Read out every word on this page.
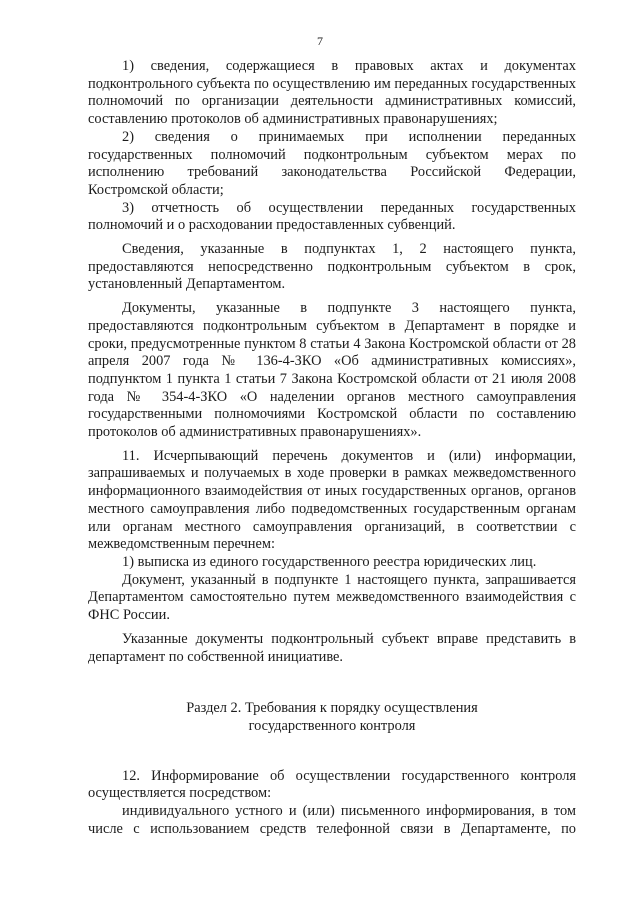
7

1) сведения, содержащиеся в правовых актах и документах подконтрольного субъекта по осуществлению им переданных государственных полномочий по организации деятельности административных комиссий, составлению протоколов об административных правонарушениях;

2) сведения о принимаемых при исполнении переданных государственных полномочий подконтрольным субъектом мерах по исполнению требований законодательства Российской Федерации, Костромской области;

3) отчетность об осуществлении переданных государственных полномочий и о расходовании предоставленных субвенций.

Сведения, указанные в подпунктах 1, 2 настоящего пункта, предоставляются непосредственно подконтрольным субъектом в срок, установленный Департаментом.

Документы, указанные в подпункте 3 настоящего пункта, предоставляются подконтрольным субъектом в Департамент в порядке и сроки, предусмотренные пунктом 8 статьи 4 Закона Костромской области от 28 апреля 2007 года № 136-4-ЗКО «Об административных комиссиях», подпунктом 1 пункта 1 статьи 7 Закона Костромской области от 21 июля 2008 года № 354-4-ЗКО «О наделении органов местного самоуправления государственными полномочиями Костромской области по составлению протоколов об административных правонарушениях».

11. Исчерпывающий перечень документов и (или) информации, запрашиваемых и получаемых в ходе проверки в рамках межведомственного информационного взаимодействия от иных государственных органов, органов местного самоуправления либо подведомственных государственным органам или органам местного самоуправления организаций, в соответствии с межведомственным перечнем:

1) выписка из единого государственного реестра юридических лиц.

Документ, указанный в подпункте 1 настоящего пункта, запрашивается Департаментом самостоятельно путем межведомственного взаимодействия с ФНС России.

Указанные документы подконтрольный субъект вправе представить в департамент по собственной инициативе.

Раздел 2. Требования к порядку осуществления

государственного контроля

12. Информирование об осуществлении государственного контроля осуществляется посредством:

индивидуального устного и (или) письменного информирования, в том числе с использованием средств телефонной связи в Департаменте, по
